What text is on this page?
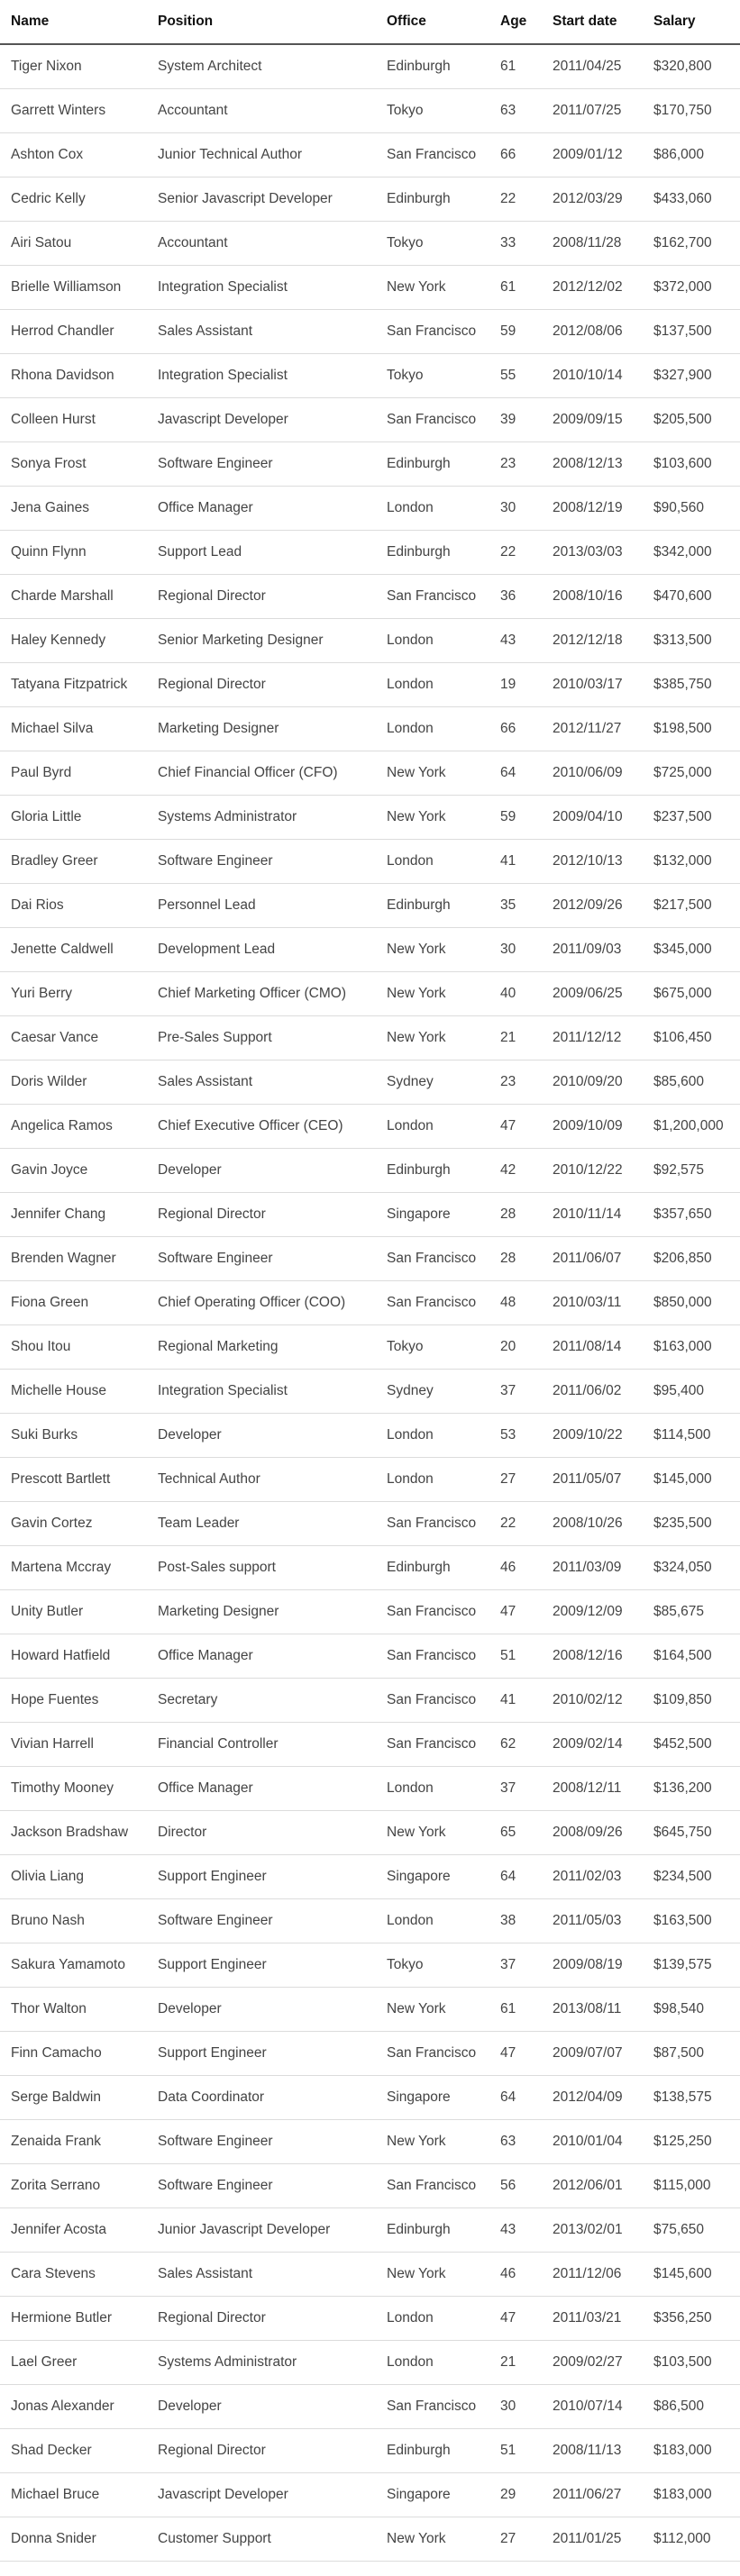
Name	Position	Office	Age	Start date	Salary
Tiger Nixon	System Architect	Edinburgh	61	2011/04/25	$320,800
Garrett Winters	Accountant	Tokyo	63	2011/07/25	$170,750
Ashton Cox	Junior Technical Author	San Francisco	66	2009/01/12	$86,000
Cedric Kelly	Senior Javascript Developer	Edinburgh	22	2012/03/29	$433,060
Airi Satou	Accountant	Tokyo	33	2008/11/28	$162,700
Brielle Williamson	Integration Specialist	New York	61	2012/12/02	$372,000
Herrod Chandler	Sales Assistant	San Francisco	59	2012/08/06	$137,500
Rhona Davidson	Integration Specialist	Tokyo	55	2010/10/14	$327,900
Colleen Hurst	Javascript Developer	San Francisco	39	2009/09/15	$205,500
Sonya Frost	Software Engineer	Edinburgh	23	2008/12/13	$103,600
Jena Gaines	Office Manager	London	30	2008/12/19	$90,560
Quinn Flynn	Support Lead	Edinburgh	22	2013/03/03	$342,000
Charde Marshall	Regional Director	San Francisco	36	2008/10/16	$470,600
Haley Kennedy	Senior Marketing Designer	London	43	2012/12/18	$313,500
Tatyana Fitzpatrick	Regional Director	London	19	2010/03/17	$385,750
Michael Silva	Marketing Designer	London	66	2012/11/27	$198,500
Paul Byrd	Chief Financial Officer (CFO)	New York	64	2010/06/09	$725,000
Gloria Little	Systems Administrator	New York	59	2009/04/10	$237,500
Bradley Greer	Software Engineer	London	41	2012/10/13	$132,000
Dai Rios	Personnel Lead	Edinburgh	35	2012/09/26	$217,500
Jenette Caldwell	Development Lead	New York	30	2011/09/03	$345,000
Yuri Berry	Chief Marketing Officer (CMO)	New York	40	2009/06/25	$675,000
Caesar Vance	Pre-Sales Support	New York	21	2011/12/12	$106,450
Doris Wilder	Sales Assistant	Sydney	23	2010/09/20	$85,600
Angelica Ramos	Chief Executive Officer (CEO)	London	47	2009/10/09	$1,200,000
Gavin Joyce	Developer	Edinburgh	42	2010/12/22	$92,575
Jennifer Chang	Regional Director	Singapore	28	2010/11/14	$357,650
Brenden Wagner	Software Engineer	San Francisco	28	2011/06/07	$206,850
Fiona Green	Chief Operating Officer (COO)	San Francisco	48	2010/03/11	$850,000
Shou Itou	Regional Marketing	Tokyo	20	2011/08/14	$163,000
Michelle House	Integration Specialist	Sydney	37	2011/06/02	$95,400
Suki Burks	Developer	London	53	2009/10/22	$114,500
Prescott Bartlett	Technical Author	London	27	2011/05/07	$145,000
Gavin Cortez	Team Leader	San Francisco	22	2008/10/26	$235,500
Martena Mccray	Post-Sales support	Edinburgh	46	2011/03/09	$324,050
Unity Butler	Marketing Designer	San Francisco	47	2009/12/09	$85,675
Howard Hatfield	Office Manager	San Francisco	51	2008/12/16	$164,500
Hope Fuentes	Secretary	San Francisco	41	2010/02/12	$109,850
Vivian Harrell	Financial Controller	San Francisco	62	2009/02/14	$452,500
Timothy Mooney	Office Manager	London	37	2008/12/11	$136,200
Jackson Bradshaw	Director	New York	65	2008/09/26	$645,750
Olivia Liang	Support Engineer	Singapore	64	2011/02/03	$234,500
Bruno Nash	Software Engineer	London	38	2011/05/03	$163,500
Sakura Yamamoto	Support Engineer	Tokyo	37	2009/08/19	$139,575
Thor Walton	Developer	New York	61	2013/08/11	$98,540
Finn Camacho	Support Engineer	San Francisco	47	2009/07/07	$87,500
Serge Baldwin	Data Coordinator	Singapore	64	2012/04/09	$138,575
Zenaida Frank	Software Engineer	New York	63	2010/01/04	$125,250
Zorita Serrano	Software Engineer	San Francisco	56	2012/06/01	$115,000
Jennifer Acosta	Junior Javascript Developer	Edinburgh	43	2013/02/01	$75,650
Cara Stevens	Sales Assistant	New York	46	2011/12/06	$145,600
Hermione Butler	Regional Director	London	47	2011/03/21	$356,250
Lael Greer	Systems Administrator	London	21	2009/02/27	$103,500
Jonas Alexander	Developer	San Francisco	30	2010/07/14	$86,500
Shad Decker	Regional Director	Edinburgh	51	2008/11/13	$183,000
Michael Bruce	Javascript Developer	Singapore	29	2011/06/27	$183,000
Donna Snider	Customer Support	New York	27	2011/01/25	$112,000
